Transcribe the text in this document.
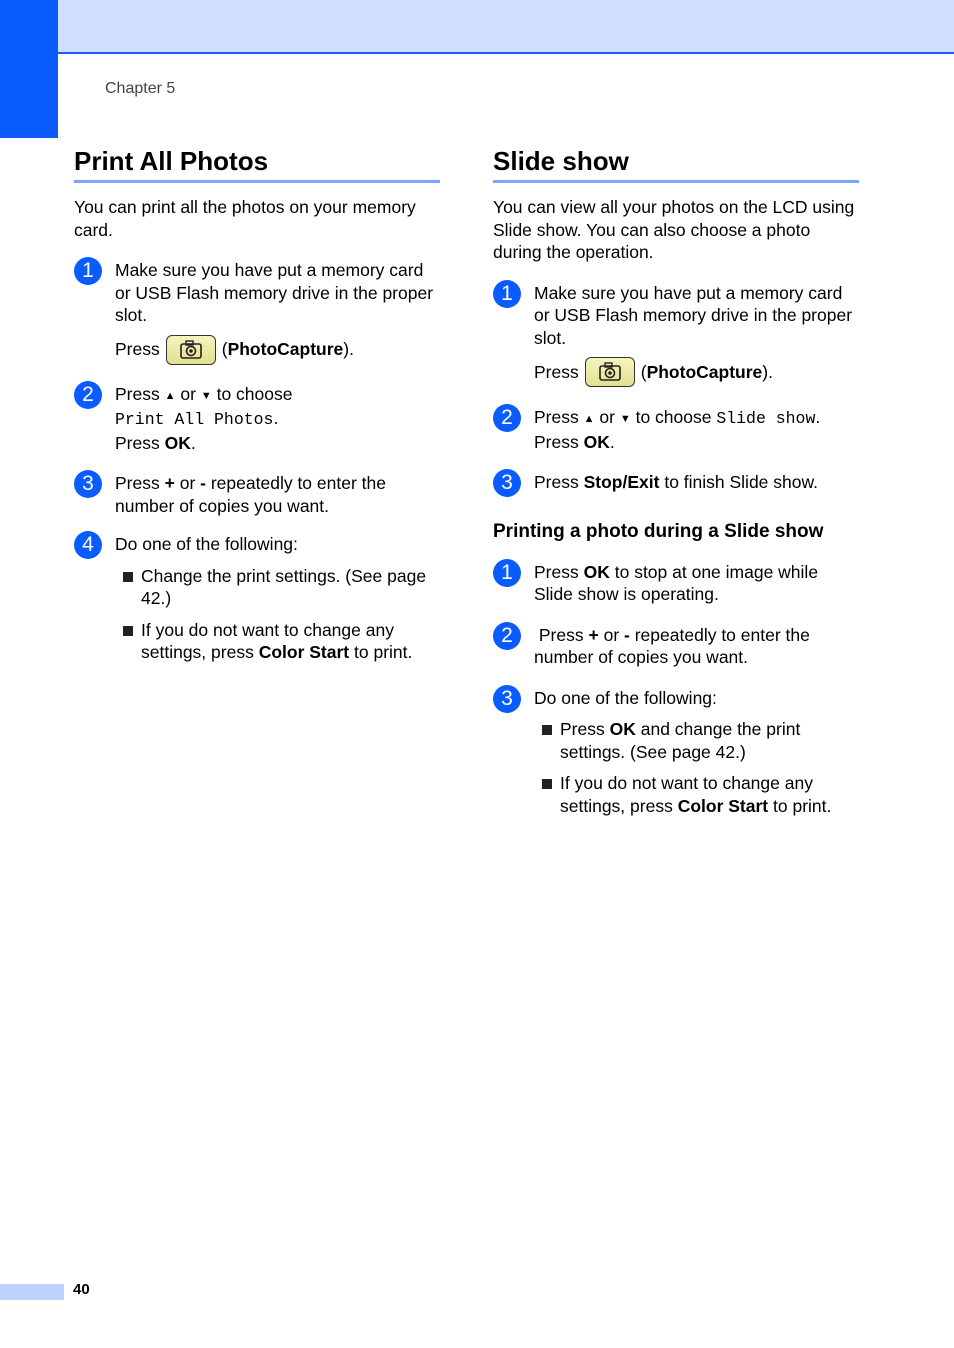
Chapter 5
Print All Photos

You can print all the photos on your memory card.

1	Make sure you have put a memory card or USB Flash memory drive in the proper slot.

Press	(PhotoCapture).

2	Press ▲ or ▼ to choose
Print All Photos.

Press OK.

3	Press + or - repeatedly to enter the number of copies you want.

4	Do one of the following:

Change the print settings. (See page 42.)
If you do not want to change any settings, press Color Start to print.
Slide show

You can view all your photos on the LCD using Slide show. You can also choose a photo during the operation.

1	Make sure you have put a memory card or USB Flash memory drive in the proper slot.

Press	(PhotoCapture).

2	Press ▲ or ▼ to choose Slide show.

Press OK.

3	Press Stop/Exit to finish Slide show.

Printing a photo during a Slide show
1	Press OK to stop at one image while Slide show is operating.

2	Press + or - repeatedly to enter the number of copies you want.

3	Do one of the following:

Press OK and change the print settings. (See page 42.)
If you do not want to change any settings, press Color Start to print.
40
